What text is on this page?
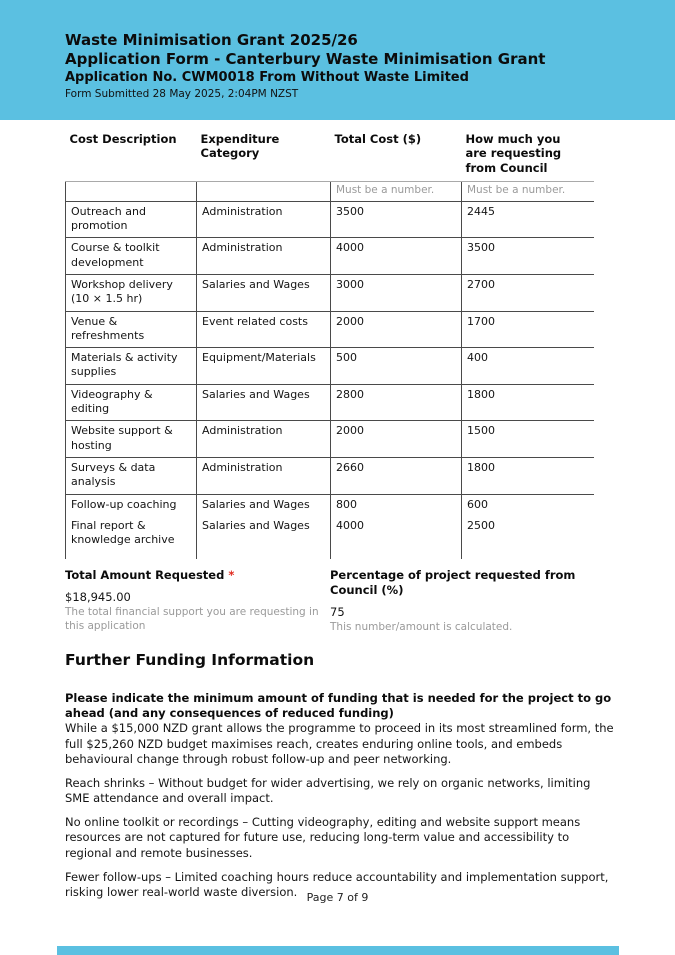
Waste Minimisation Grant 2025/26
Application Form - Canterbury Waste Minimisation Grant
Application No. CWM0018 From Without Waste Limited
Form Submitted 28 May 2025, 2:04PM NZST
Cost Description	Expenditure Category	Total Cost ($)	How much you are requesting from Council
		Must be a number.	Must be a number.
Outreach and promotion	Administration	3500	2445
Course & toolkit development	Administration	4000	3500
Workshop delivery (10 × 1.5 hr)	Salaries and Wages	3000	2700
Venue & refreshments	Event related costs	2000	1700
Materials & activity supplies	Equipment/Materials	500	400
Videography & editing	Salaries and Wages	2800	1800
Website support & hosting	Administration	2000	1500
Surveys & data analysis	Administration	2660	1800
Follow-up coaching	Salaries and Wages	800	600
Final report & knowledge archive	Salaries and Wages	4000	2500
Total Amount Requested *
$18,945.00
The total financial support you are requesting in this application
Percentage of project requested from Council (%)
75
This number/amount is calculated.
Further Funding Information
Please indicate the minimum amount of funding that is needed for the project to go ahead (and any consequences of reduced funding)

While a $15,000 NZD grant allows the programme to proceed in its most streamlined form, the full $25,260 NZD budget maximises reach, creates enduring online tools, and embeds behavioural change through robust follow-up and peer networking.

Reach shrinks – Without budget for wider advertising, we rely on organic networks, limiting SME attendance and overall impact.

No online toolkit or recordings – Cutting videography, editing and website support means resources are not captured for future use, reducing long-term value and accessibility to regional and remote businesses.

Fewer follow-ups – Limited coaching hours reduce accountability and implementation support, risking lower real-world waste diversion. Page 7 of 9
